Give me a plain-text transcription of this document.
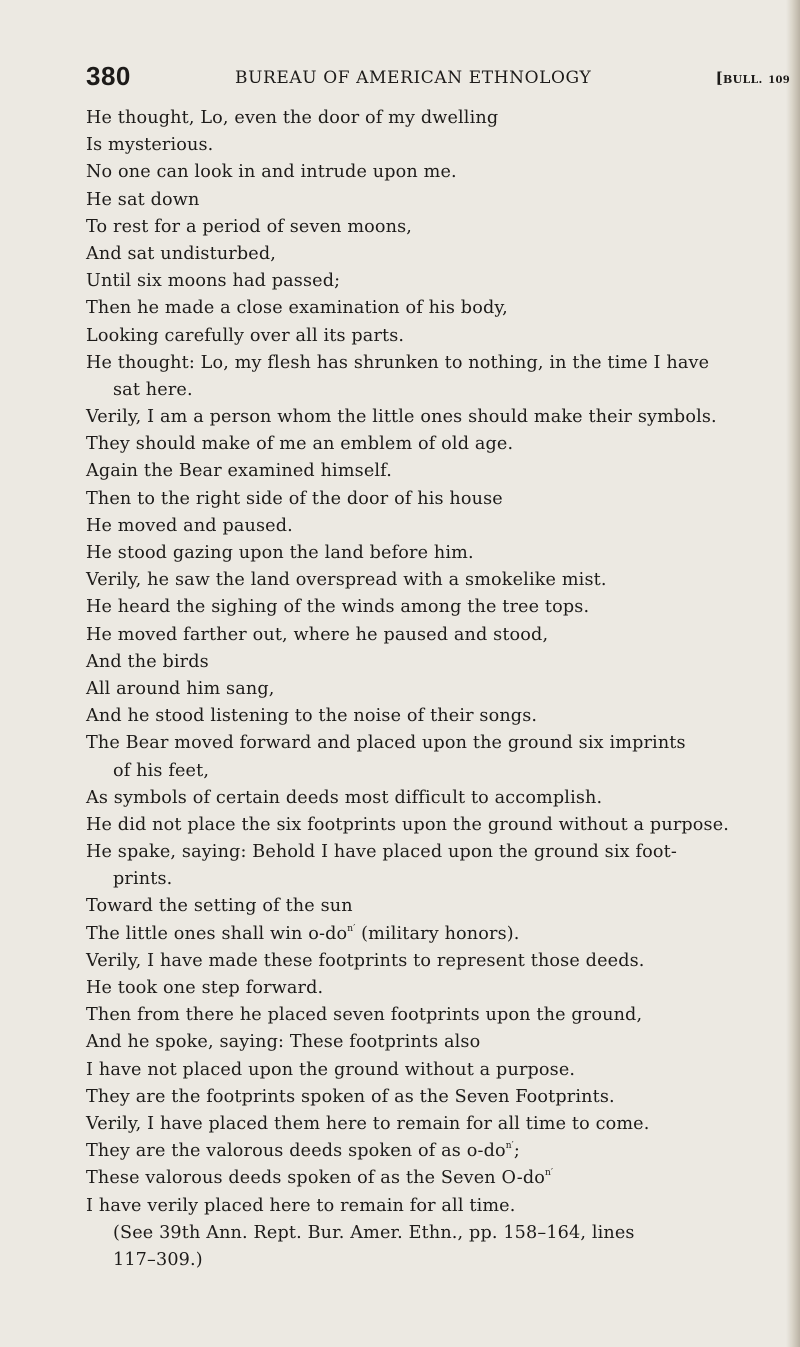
380	BUREAU OF AMERICAN ETHNOLOGY	[BULL. 109
He thought, Lo, even the door of my dwelling
Is mysterious.
No one can look in and intrude upon me.
He sat down
To rest for a period of seven moons,
And sat undisturbed,
Until six moons had passed;
Then he made a close examination of his body,
Looking carefully over all its parts.
He thought: Lo, my flesh has shrunken to nothing, in the time I have
sat here.
Verily, I am a person whom the little ones should make their symbols.
They should make of me an emblem of old age.
Again the Bear examined himself.
Then to the right side of the door of his house
He moved and paused.
He stood gazing upon the land before him.
Verily, he saw the land overspread with a smokelike mist.
He heard the sighing of the winds among the tree tops.
He moved farther out, where he paused and stood,
And the birds
All around him sang,
And he stood listening to the noise of their songs.
The Bear moved forward and placed upon the ground six imprints
of his feet,
As symbols of certain deeds most difficult to accomplish.
He did not place the six footprints upon the ground without a purpose.
He spake, saying: Behold I have placed upon the ground six foot-
prints.
Toward the setting of the sun
The little ones shall win $o-do^{n'}$ (military honors).
Verily, I have made these footprints to represent those deeds.
He took one step forward.
Then from there he placed seven footprints upon the ground,
And he spoke, saying: These footprints also
I have not placed upon the ground without a purpose.
They are the footprints spoken of as the Seven Footprints.
Verily, I have placed them here to remain for all time to come.
They are the valorous deeds spoken of as $o-do^{n'}$;
These valorous deeds spoken of as the Seven $O-do^{n'}$
I have verily placed here to remain for all time.
(See 39th Ann. Rept. Bur. Amer. Ethn., pp. 158–164, lines
117–309.)
